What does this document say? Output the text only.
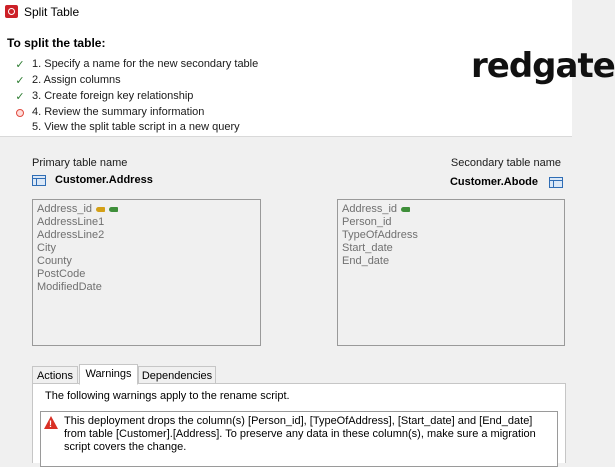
Split Table
To split the table:
✓ 1. Specify a name for the new secondary table
✓ 2. Assign columns
✓ 3. Create foreign key relationship
4. Review the summary information
5. View the split table script in a new query
redgate
Primary table name
Customer.Address
Address_id
AddressLine1
AddressLine2
City
County
PostCode
ModifiedDate
Secondary table name
Customer.Abode
Address_id
Person_id
TypeOfAddress
Start_date
End_date
Actions	Warnings Dependencies
The following warnings apply to the rename script.
! This deployment drops the column(s) [Person_id], [TypeOfAddress], [Start_date] and [End_date] from table [Customer].[Address]. To preserve any data in these column(s), make sure a migration script covers the change.
